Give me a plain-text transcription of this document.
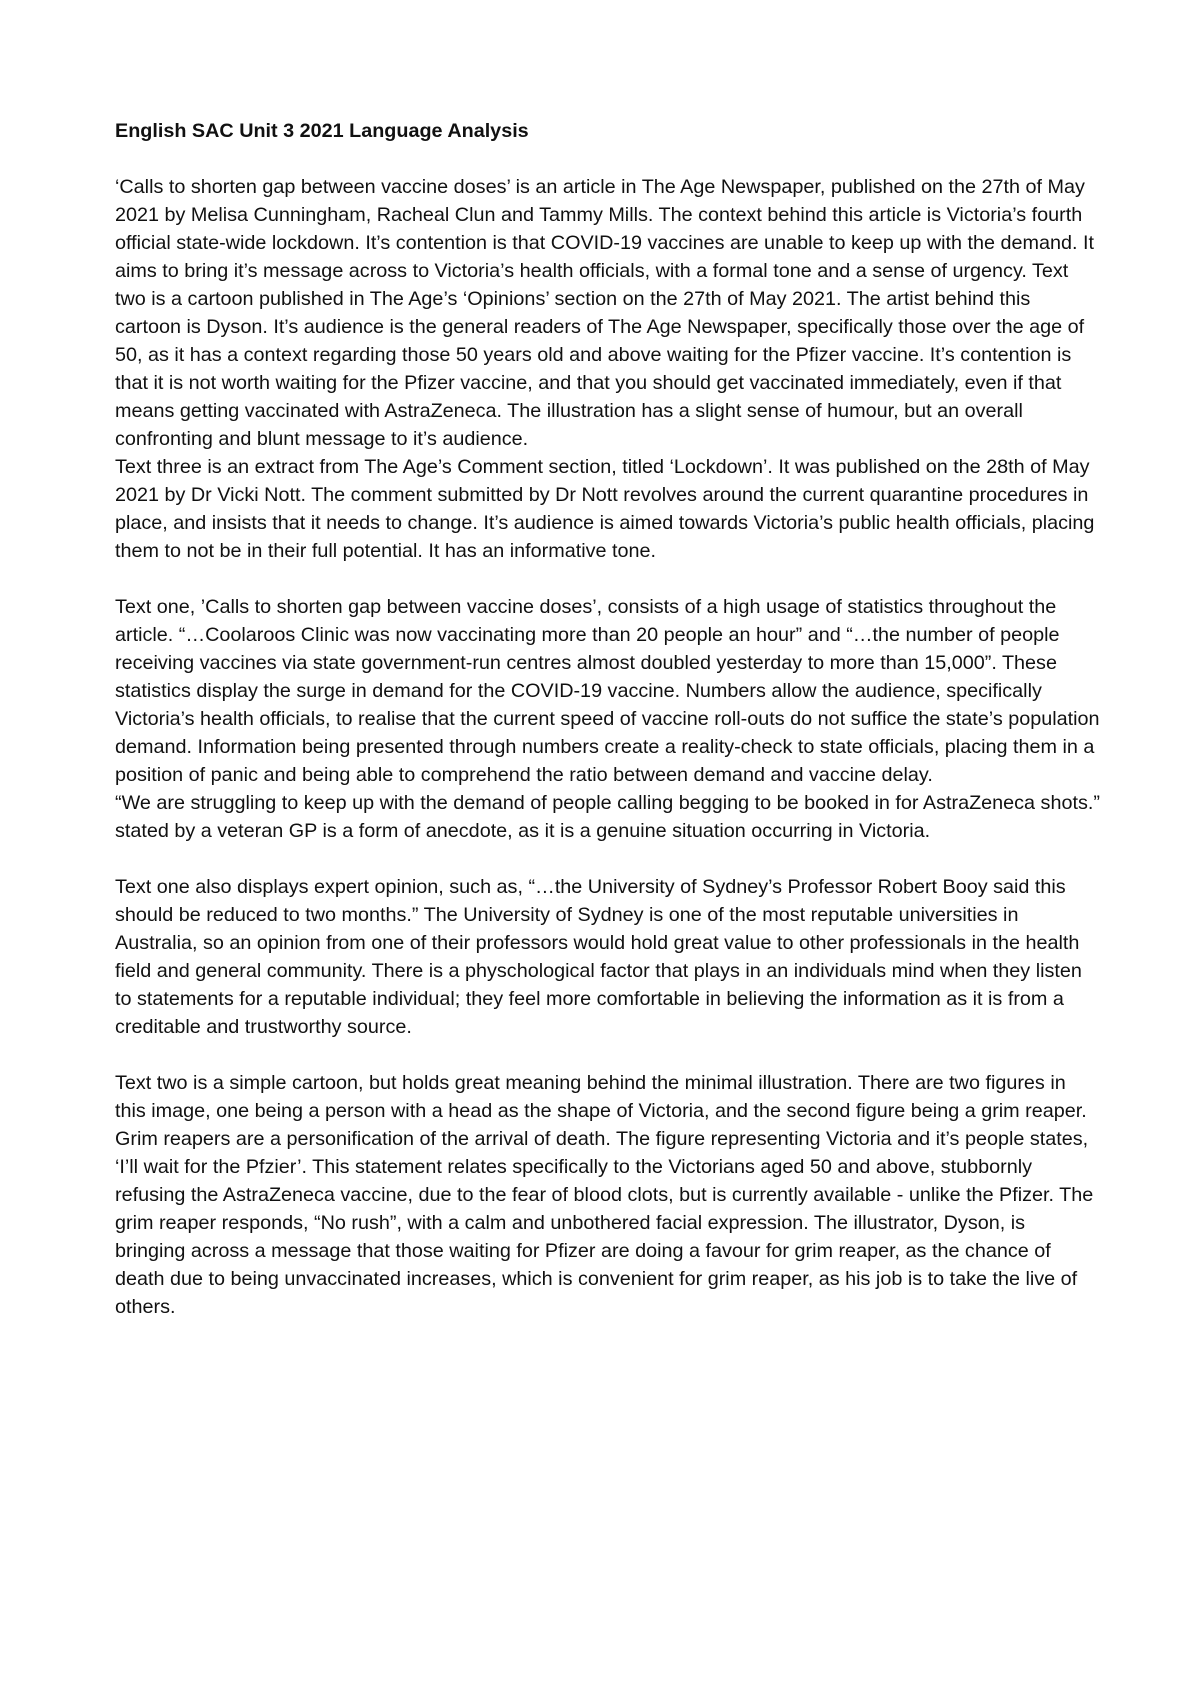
English SAC Unit 3 2021 Language Analysis

‘Calls to shorten gap between vaccine doses’ is an article in The Age Newspaper, published on the 27th of May 2021 by Melisa Cunningham, Racheal Clun and Tammy Mills. The context behind this article is Victoria’s fourth official state-wide lockdown. It’s contention is that COVID-19 vaccines are unable to keep up with the demand. It aims to bring it’s message across to Victoria’s health officials, with a formal tone and a sense of urgency. Text two is a cartoon published in The Age’s ‘Opinions’ section on the 27th of May 2021. The artist behind this cartoon is Dyson. It’s audience is the general readers of The Age Newspaper, specifically those over the age of 50, as it has a context regarding those 50 years old and above waiting for the Pfizer vaccine. It’s contention is that it is not worth waiting for the Pfizer vaccine, and that you should get vaccinated immediately, even if that means getting vaccinated with AstraZeneca. The illustration has a slight sense of humour, but an overall confronting and blunt message to it’s audience.

Text three is an extract from The Age’s Comment section, titled ‘Lockdown’. It was published on the 28th of May 2021 by Dr Vicki Nott. The comment submitted by Dr Nott revolves around the current quarantine procedures in place, and insists that it needs to change. It’s audience is aimed towards Victoria’s public health officials, placing them to not be in their full potential. It has an informative tone.

Text one, ’Calls to shorten gap between vaccine doses’, consists of a high usage of statistics throughout the article. “…Coolaroos Clinic was now vaccinating more than 20 people an hour” and “…the number of people receiving vaccines via state government-run centres almost doubled yesterday to more than 15,000”. These statistics display the surge in demand for the COVID-19 vaccine. Numbers allow the audience, specifically Victoria’s health officials, to realise that the current speed of vaccine roll-outs do not suffice the state’s population demand. Information being presented through numbers create a reality-check to state officials, placing them in a position of panic and being able to comprehend the ratio between demand and vaccine delay.

“We are struggling to keep up with the demand of people calling begging to be booked in for AstraZeneca shots.” stated by a veteran GP is a form of anecdote, as it is a genuine situation occurring in Victoria.

Text one also displays expert opinion, such as, “…the University of Sydney’s Professor Robert Booy said this should be reduced to two months.” The University of Sydney is one of the most reputable universities in Australia, so an opinion from one of their professors would hold great value to other professionals in the health field and general community. There is a physchological factor that plays in an individuals mind when they listen to statements for a reputable individual; they feel more comfortable in believing the information as it is from a creditable and trustworthy source.

Text two is a simple cartoon, but holds great meaning behind the minimal illustration. There are two figures in this image, one being a person with a head as the shape of Victoria, and the second figure being a grim reaper. Grim reapers are a personification of the arrival of death. The figure representing Victoria and it’s people states, ‘I’ll wait for the Pfzier’. This statement relates specifically to the Victorians aged 50 and above, stubbornly refusing the AstraZeneca vaccine, due to the fear of blood clots, but is currently available - unlike the Pfizer. The grim reaper responds, “No rush”, with a calm and unbothered facial expression. The illustrator, Dyson, is bringing across a message that those waiting for Pfizer are doing a favour for grim reaper, as the chance of death due to being unvaccinated increases, which is convenient for grim reaper, as his job is to take the live of others.
